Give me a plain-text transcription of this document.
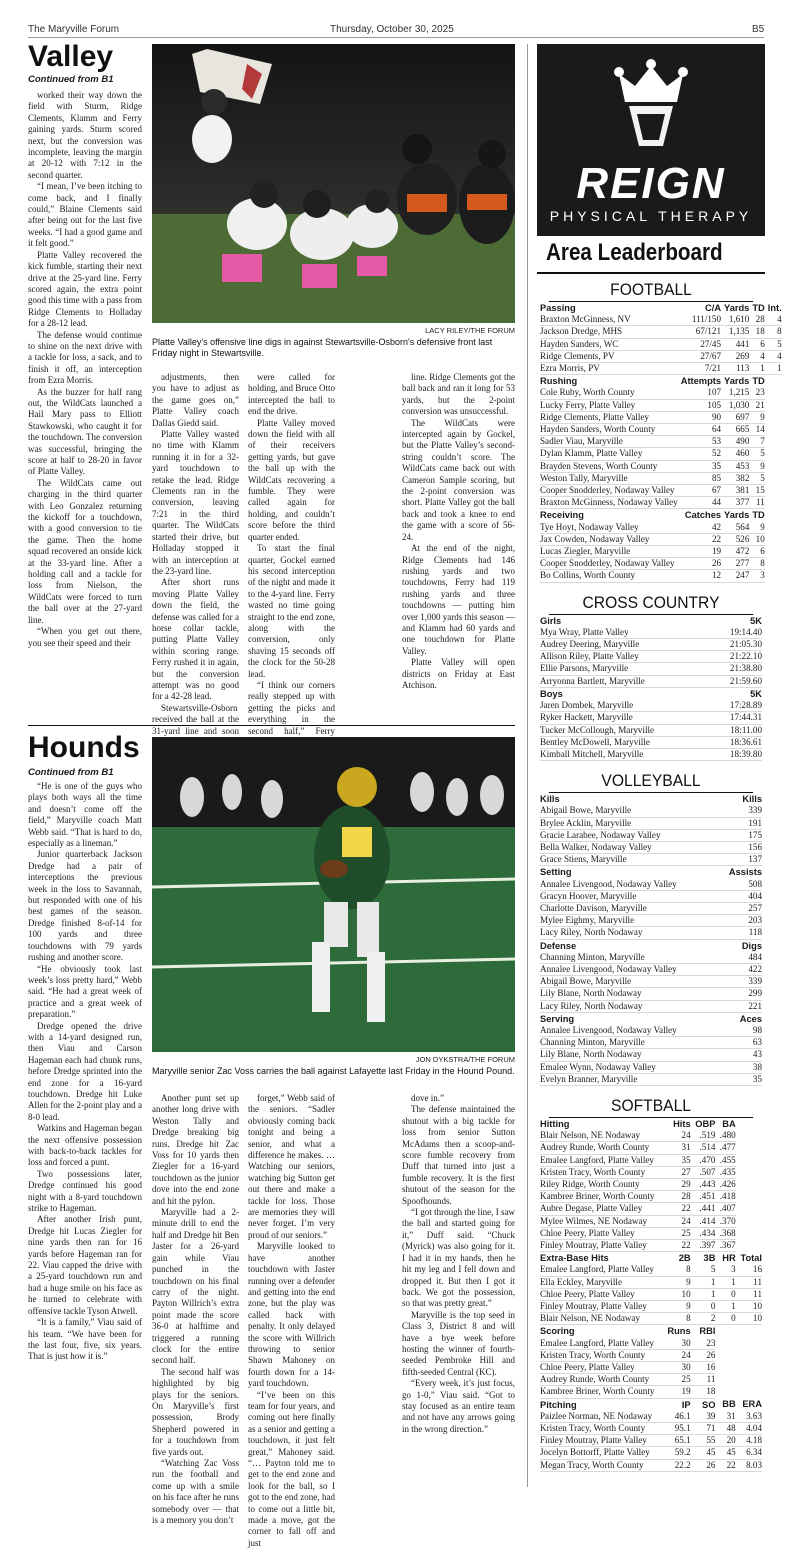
The Maryville Forum	Thursday, October 30, 2025	B5
Valley
Continued from B1
LACY RILEY/THE FORUM
Platte Valley's offensive line digs in against Stewartsville-Osborn's defensive front last Friday night in Stewartsville.

worked their way down the field with Sturm, Ridge Clements, Klamm and Ferry gaining yards. Sturm scored next, but the conversion was incomplete, leaving the margin at 20-12 with 7:12 in the second quarter.

“I mean, I’ve been itching to come back, and I finally could,” Blaine Clements said after being out for the last five weeks. “I had a good game and it felt good.”

Platte Valley recovered the kick fumble, starting their next drive at the 25-yard line. Ferry scored again, the extra point good this time with a pass from Ridge Clements to Holladay for a 28-12 lead.

The defense would continue to shine on the next drive with a tackle for loss, a sack, and to finish it off, an interception from Ezra Morris.

As the buzzer for half rang out, the WildCats launched a Hail Mary pass to Elliott Stawkowski, who caught it for the touchdown. The conversion was successful, bringing the score at half to 28-20 in favor of Platte Valley.

The WildCats came out charging in the third quarter with Leo Gonzalez returning the kickoff for a touchdown, with a good conversion to tie the game. Then the home squad recovered an onside kick at the 33-yard line. After a holding call and a tackle for loss from Nielson, the WildCats were forced to turn the ball over at the 27-yard line.

“When you get out there, you see their speed and their

adjustments, then you have to adjust as the game goes on,” Platte Valley coach Dallas Giedd said.

Platte Valley wasted no time with Klamm running it in for a 32-yard touchdown to retake the lead. Ridge Clements ran in the conversion, leaving 7:21 in the third quarter. The WildCats started their drive, but Holladay stopped it with an interception at the 23-yard line.

After short runs moving Platte Valley down the field, the defense was called for a horse collar tackle, putting Platte Valley within scoring range. Ferry rushed it in again, but the conversion attempt was no good for a 42-28 lead.

Stewartsville-Osborn received the ball at the 31-yard line and soon

were called for holding, and Bruce Otto intercepted the ball to end the drive.

Platte Valley moved down the field with all of their receivers getting yards, but gave the ball up with the WildCats recovering a fumble. They were called again for holding, and couldn’t score before the third quarter ended.

To start the final quarter, Gockel earned his second interception of the night and made it to the 4-yard line. Ferry wasted no time going straight to the end zone, along with the conversion, only shaving 15 seconds off the clock for the 50-28 lead.

“I think our corners really stepped up with getting the picks and everything in the second half,” Ferry

line. Ridge Clements got the ball back and ran it long for 53 yards, but the 2-point conversion was unsuccessful.

The WildCats were intercepted again by Gockel, but the Platte Valley’s second-string couldn’t score. The WildCats came back out with Cameron Sample scoring, but the 2-point conversion was short. Platte Valley got the ball back and took a knee to end the game with a score of 56-24.

At the end of the night, Ridge Clements had 146 rushing yards and two touchdowns, Ferry had 119 rushing yards and three touchdowns — putting him over 1,000 yards this season — and Klamm had 60 yards and one touchdown for Platte Valley.

Platte Valley will open districts on Friday at East Atchison.

Hounds
Continued from B1
JON DYKSTRA/THE FORUM
Maryville senior Zac Voss carries the ball against Lafayette last Friday in the Hound Pound.

“He is one of the guys who plays both ways all the time and doesn’t come off the field,” Maryville coach Matt Webb said. “That is hard to do, especially as a lineman.”

Junior quarterback Jackson Dredge had a pair of interceptions the previous week in the loss to Savannah, but responded with one of his best games of the season. Dredge finished 8-of-14 for 100 yards and three touchdowns with 79 yards rushing and another score.

“He obviously took last week’s loss pretty hard,” Webb said. “He had a great week of practice and a great week of preparation.”

Dredge opened the drive with a 14-yard designed run, then Viau and Carson Hageman each had chunk runs, before Dredge sprinted into the end zone for a 16-yard touchdown. Dredge hit Luke Allen for the 2-point play and a 8-0 lead.

Watkins and Hageman began the next offensive possession with back-to-back tackles for loss and forced a punt.

Two possessions later, Dredge continued his good night with a 8-yard touchdown strike to Hageman.

After another Irish punt, Dredge hit Lucas Ziegler for nine yards then ran for 16 yards before Hageman ran for 22. Viau capped the drive with a 25-yard touchdown run and had a huge smile on his face as he turned to celebrate with offensive tackle Tyson Atwell.

“It is a family,” Viau said of his team. “We have been for the last four, five, six years. That is just how it is.”

Another punt set up another long drive with Weston Tally and Dredge breaking big runs. Dredge hit Zac Voss for 10 yards then Ziegler for a 16-yard touchdown as the junior dove into the end zone and hit the pylon.

Maryville had a 2-minute drill to end the half and Dredge hit Ben Jaster for a 26-yard gain while Viau punched in the touchdown on his final carry of the night. Payton Willrich’s extra point made the score 36-0 at halftime and triggered a running clock for the entire second half.

The second half was highlighted by big plays for the seniors. On Maryville’s first possession, Brody Shepherd powered in for a touchdown from five yards out.

“Watching Zac Voss run the football and come up with a smile on his face after he runs somebody over — that is a memory you don’t

forget,” Webb said of the seniors. “Sadler obviously coming back tonight and being a senior, and what a difference he makes. … Watching our seniors, watching big Sutton get out there and make a tackle for loss. Those are memories they will never forget. I’m very proud of our seniors.”

Maryville looked to have another touchdown with Jaster running over a defender and getting into the end zone, but the play was called back with penalty. It only delayed the score with Willrich throwing to senior Shawn Mahoney on fourth down for a 14-yard touchdown.

“I’ve been on this team for four years, and coming out here finally as a senior and getting a touchdown, it just felt great,” Mahoney said. “… Payton told me to get to the end zone and look for the ball, so I got to the end zone, had to come out a little bit, made a move, got the corner to fall off and just

dove in.”

The defense maintained the shutout with a big tackle for loss from senior Sutton McAdams then a scoop-and-score fumble recovery from Duff that turned into just a fumble recovery. It is the first shutout of the season for the Spoofhounds.

“I got through the line, I saw the ball and started going for it,” Duff said. “Chuck (Myrick) was also going for it. I had it in my hands, then he hit my leg and I fell down and dropped it. But then I got it back. We got the possession, so that was pretty great.”

Maryville is the top seed in Class 3, District 8 and will have a bye week before hosting the winner of fourth-seeded Pembroke Hill and fifth-seeded Central (KC).

“Every week, it’s just focus, go 1-0,” Viau said. “Got to stay focused as an entire team and not have any arrows going in the wrong direction.”

REIGN
PHYSICAL THERAPY
Area Leaderboard
FOOTBALL
Passing	C/A	Yards	TD	Int.
Braxton McGinness, NV	111/150	1,610	28	4
Jackson Dredge, MHS	67/121	1,135	18	8
Hayden Sanders, WC	27/45	441	6	5
Ridge Clements, PV	27/67	269	4	4
Ezra Morris, PV	7/21	113	1	1
Rushing	Attempts	Yards	TD	
Cole Ruby, Worth County	107	1,215	23	
Lucky Ferry, Platte Valley	105	1,030	21	
Ridge Clements, Platte Valley	90	697	9	
Hayden Sanders, Worth County	64	665	14	
Sadler Viau, Maryville	53	490	7	
Dylan Klamm, Platte Valley	52	460	5	
Brayden Stevens, Worth County	35	453	9	
Weston Tally, Maryville	85	382	5	
Cooper Snodderley, Nodaway Valley	67	381	15	
Braxton McGinness, Nodaway Valley	44	377	11	
Receiving	Catches	Yards	TD	
Tye Hoyt, Nodaway Valley	42	564	9	
Jax Cowden, Nodaway Valley	22	526	10	
Lucas Ziegler, Maryville	19	472	6	
Cooper Snodderley, Nodaway Valley	26	277	8	
Bo Collins, Worth County	12	247	3	
CROSS COUNTRY
Girls	5K
Mya Wray, Platte Valley	19:14.40
Audrey Deering, Maryville	21:05.30
Allison Riley, Platte Valley	21:22.10
Ellie Parsons, Maryville	21:38.80
Arryonna Bartlett, Maryville	21:59.60
Boys	5K
Jaren Dombek, Maryville	17:28.89
Ryker Hackett, Maryville	17:44.31
Tucker McCollough, Maryville	18:11.00
Bentley McDowell, Maryville	18:36.61
Kimball Mitchell, Maryville	18:39.80
VOLLEYBALL
Kills	Kills
Abigail Bowe, Maryville	339
Brylee Acklin, Maryville	191
Gracie Larabee, Nodaway Valley	175
Bella Walker, Nodaway Valley	156
Grace Stiens, Maryville	137
Setting	Assists
Annalee Livengood, Nodaway Valley	508
Gracyn Hoover, Maryville	404
Charlotte Davison, Maryville	257
Mylee Eighmy, Maryville	203
Lacy Riley, North Nodaway	118
Defense	Digs
Channing Minton, Maryville	484
Annalee Livengood, Nodaway Valley	422
Abigail Bowe, Maryville	339
Lily Blane, North Nodaway	299
Lacy Riley, North Nodaway	221
Serving	Aces
Annalee Livengood, Nodaway Valley	98
Channing Minton, Maryville	63
Lily Blane, North Nodaway	43
Emalee Wynn, Nodaway Valley	38
Evelyn Branner, Maryville	35
SOFTBALL
Hitting	Hits	OBP	BA	
Blair Nelson, NE Nodaway	24	.519	.480	
Audrey Runde, Worth County	31	.514	.477	
Emalee Langford, Platte Valley	35	.470	.455	
Kristen Tracy, Worth County	27	.507	.435	
Riley Ridge, Worth County	29	.443	.426	
Kambree Briner, Worth County	28	.451	.418	
Aubre Degase, Platte Valley	22	.441	.407	
Mylee Wilmes, NE Nodaway	24	.414	.370	
Chloe Peery, Platte Valley	25	.434	.368	
Finley Moutray, Platte Valley	22	.397	.367	
Extra-Base Hits	2B	3B	HR	Total
Emalee Langford, Platte Valley	8	5	3	16
Ella Eckley, Maryville	9	1	1	11
Chloe Peery, Platte Valley	10	1	0	11
Finley Moutray, Platte Valley	9	0	1	10
Blair Nelson, NE Nodaway	8	2	0	10
Scoring	Runs	RBI		
Emalee Langford, Platte Valley	30	23		
Kristen Tracy, Worth County	24	26		
Chloe Peery, Platte Valley	30	16		
Audrey Runde, Worth County	25	11		
Kambree Briner, Worth County	19	18		
Pitching	IP	SO	BB	ERA
Paizlee Norman, NE Nodaway	46.1	39	31	3.63
Kristen Tracy, Worth County	95.1	71	48	4.04
Finley Moutray, Platte Valley	65.1	55	20	4.18
Jocelyn Bottorff, Platte Valley	59.2	45	45	6.34
Megan Tracy, Worth County	22.2	26	22	8.03
